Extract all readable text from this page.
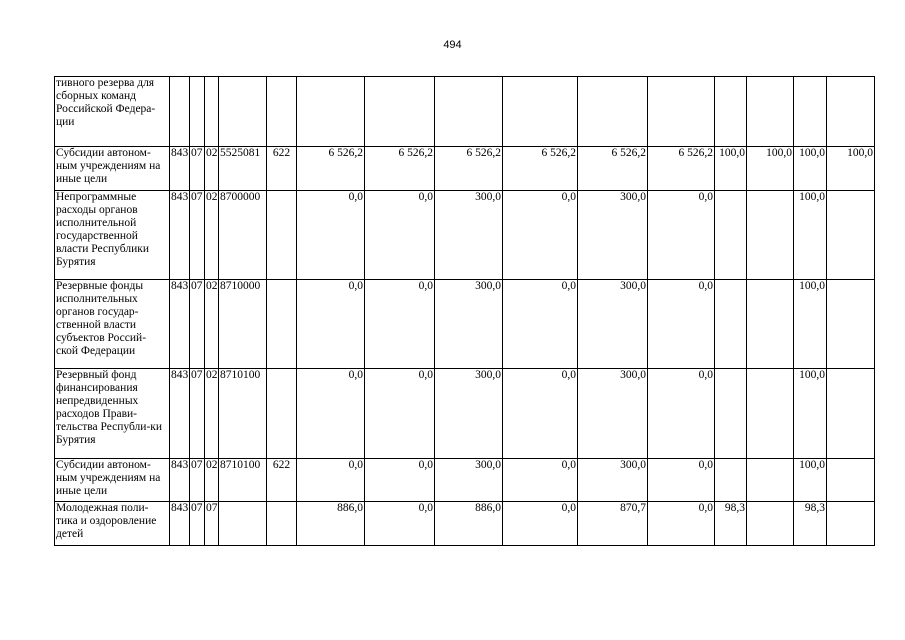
494
тивного резерва для сборных команд Российской Федера-ции															
Субсидии автоном-ным учреждениям на иные цели	843	07	02	5525081	622	6 526,2	6 526,2	6 526,2	6 526,2	6 526,2	6 526,2	100,0	100,0	100,0	100,0
Непрограммные расходы органов исполнительной государственной власти Республики Бурятия	843	07	02	8700000		0,0	0,0	300,0	0,0	300,0	0,0			100,0	
Резервные фонды исполнительных органов государ-ственной власти субъектов Россий-ской Федерации	843	07	02	8710000		0,0	0,0	300,0	0,0	300,0	0,0			100,0	
Резервный фонд финансирования непредвиденных расходов Прави-тельства Республи-ки Бурятия	843	07	02	8710100		0,0	0,0	300,0	0,0	300,0	0,0			100,0	
Субсидии автоном-ным учреждениям на иные цели	843	07	02	8710100	622	0,0	0,0	300,0	0,0	300,0	0,0			100,0	
Молодежная поли-тика и оздоровление детей	843	07	07			886,0	0,0	886,0	0,0	870,7	0,0	98,3		98,3	
